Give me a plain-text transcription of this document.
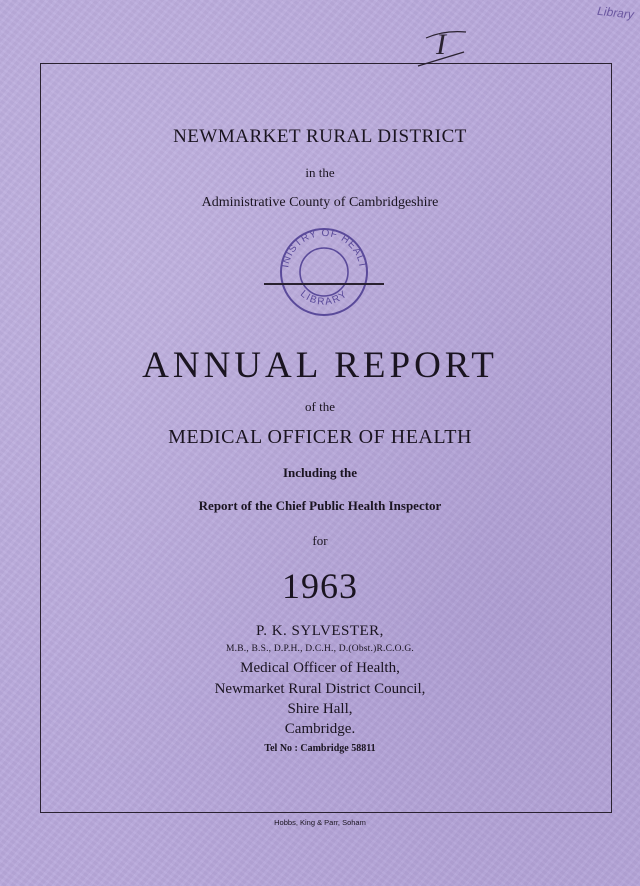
Library
I
NEWMARKET RURAL DISTRICT
in the
Administrative County of Cambridgeshire
INISTRY OF HEALT
LIBRARY
ANNUAL REPORT
of the
MEDICAL OFFICER OF HEALTH
Including the
Report of the Chief Public Health Inspector
for
1963
P. K. SYLVESTER,
M.B., B.S., D.P.H., D.C.H., D.(Obst.)R.C.O.G.
Medical Officer of Health,
Newmarket Rural District Council,
Shire Hall,
Cambridge.
Tel No : Cambridge 58811
Hobbs, King & Parr, Soham
